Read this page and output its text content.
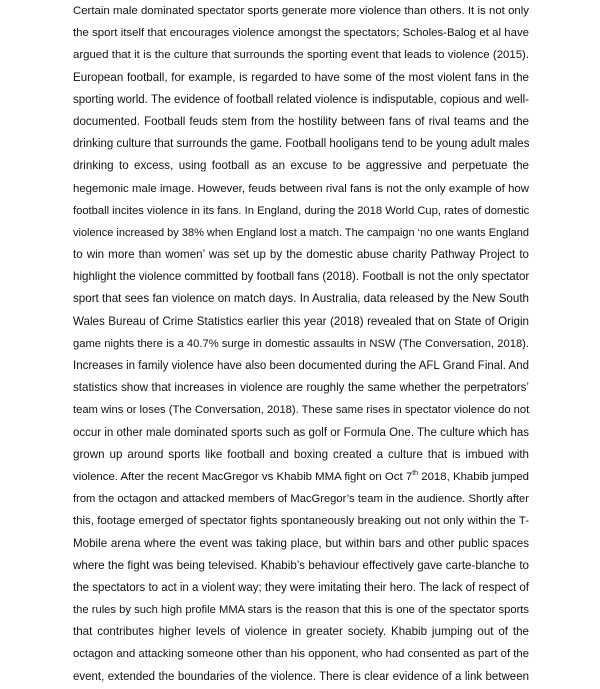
Certain male dominated spectator sports generate more violence than others. It is not only
the sport itself that encourages violence amongst the spectators; Scholes-Balog et al have
argued that it is the culture that surrounds the sporting event that leads to violence (2015).
European football, for example, is regarded to have some of the most violent fans in the
sporting world. The evidence of football related violence is indisputable, copious and well-
documented. Football feuds stem from the hostility between fans of rival teams and the
drinking culture that surrounds the game. Football hooligans tend to be young adult males
drinking to excess, using football as an excuse to be aggressive and perpetuate the
hegemonic male image. However, feuds between rival fans is not the only example of how
football incites violence in its fans. In England, during the 2018 World Cup, rates of domestic
violence increased by 38% when England lost a match. The campaign ‘no one wants England
to win more than women’ was set up by the domestic abuse charity Pathway Project to
highlight the violence committed by football fans (2018). Football is not the only spectator
sport that sees fan violence on match days. In Australia, data released by the New South
Wales Bureau of Crime Statistics earlier this year (2018) revealed that on State of Origin
game nights there is a 40.7% surge in domestic assaults in NSW (The Conversation, 2018).
Increases in family violence have also been documented during the AFL Grand Final. And
statistics show that increases in violence are roughly the same whether the perpetrators’
team wins or loses (The Conversation, 2018). These same rises in spectator violence do not
occur in other male dominated sports such as golf or Formula One. The culture which has
grown up around sports like football and boxing created a culture that is imbued with
violence. After the recent MacGregor vs Khabib MMA fight on Oct 7th 2018, Khabib jumped
from the octagon and attacked members of MacGregor’s team in the audience. Shortly after
this, footage emerged of spectator fights spontaneously breaking out not only within the T-
Mobile arena where the event was taking place, but within bars and other public spaces
where the fight was being televised. Khabib’s behaviour effectively gave carte-blanche to
the spectators to act in a violent way; they were imitating their hero. The lack of respect of
the rules by such high profile MMA stars is the reason that this is one of the spectator sports
that contributes higher levels of violence in greater society. Khabib jumping out of the
octagon and attacking someone other than his opponent, who had consented as part of the
event, extended the boundaries of the violence. There is clear evidence of a link between
